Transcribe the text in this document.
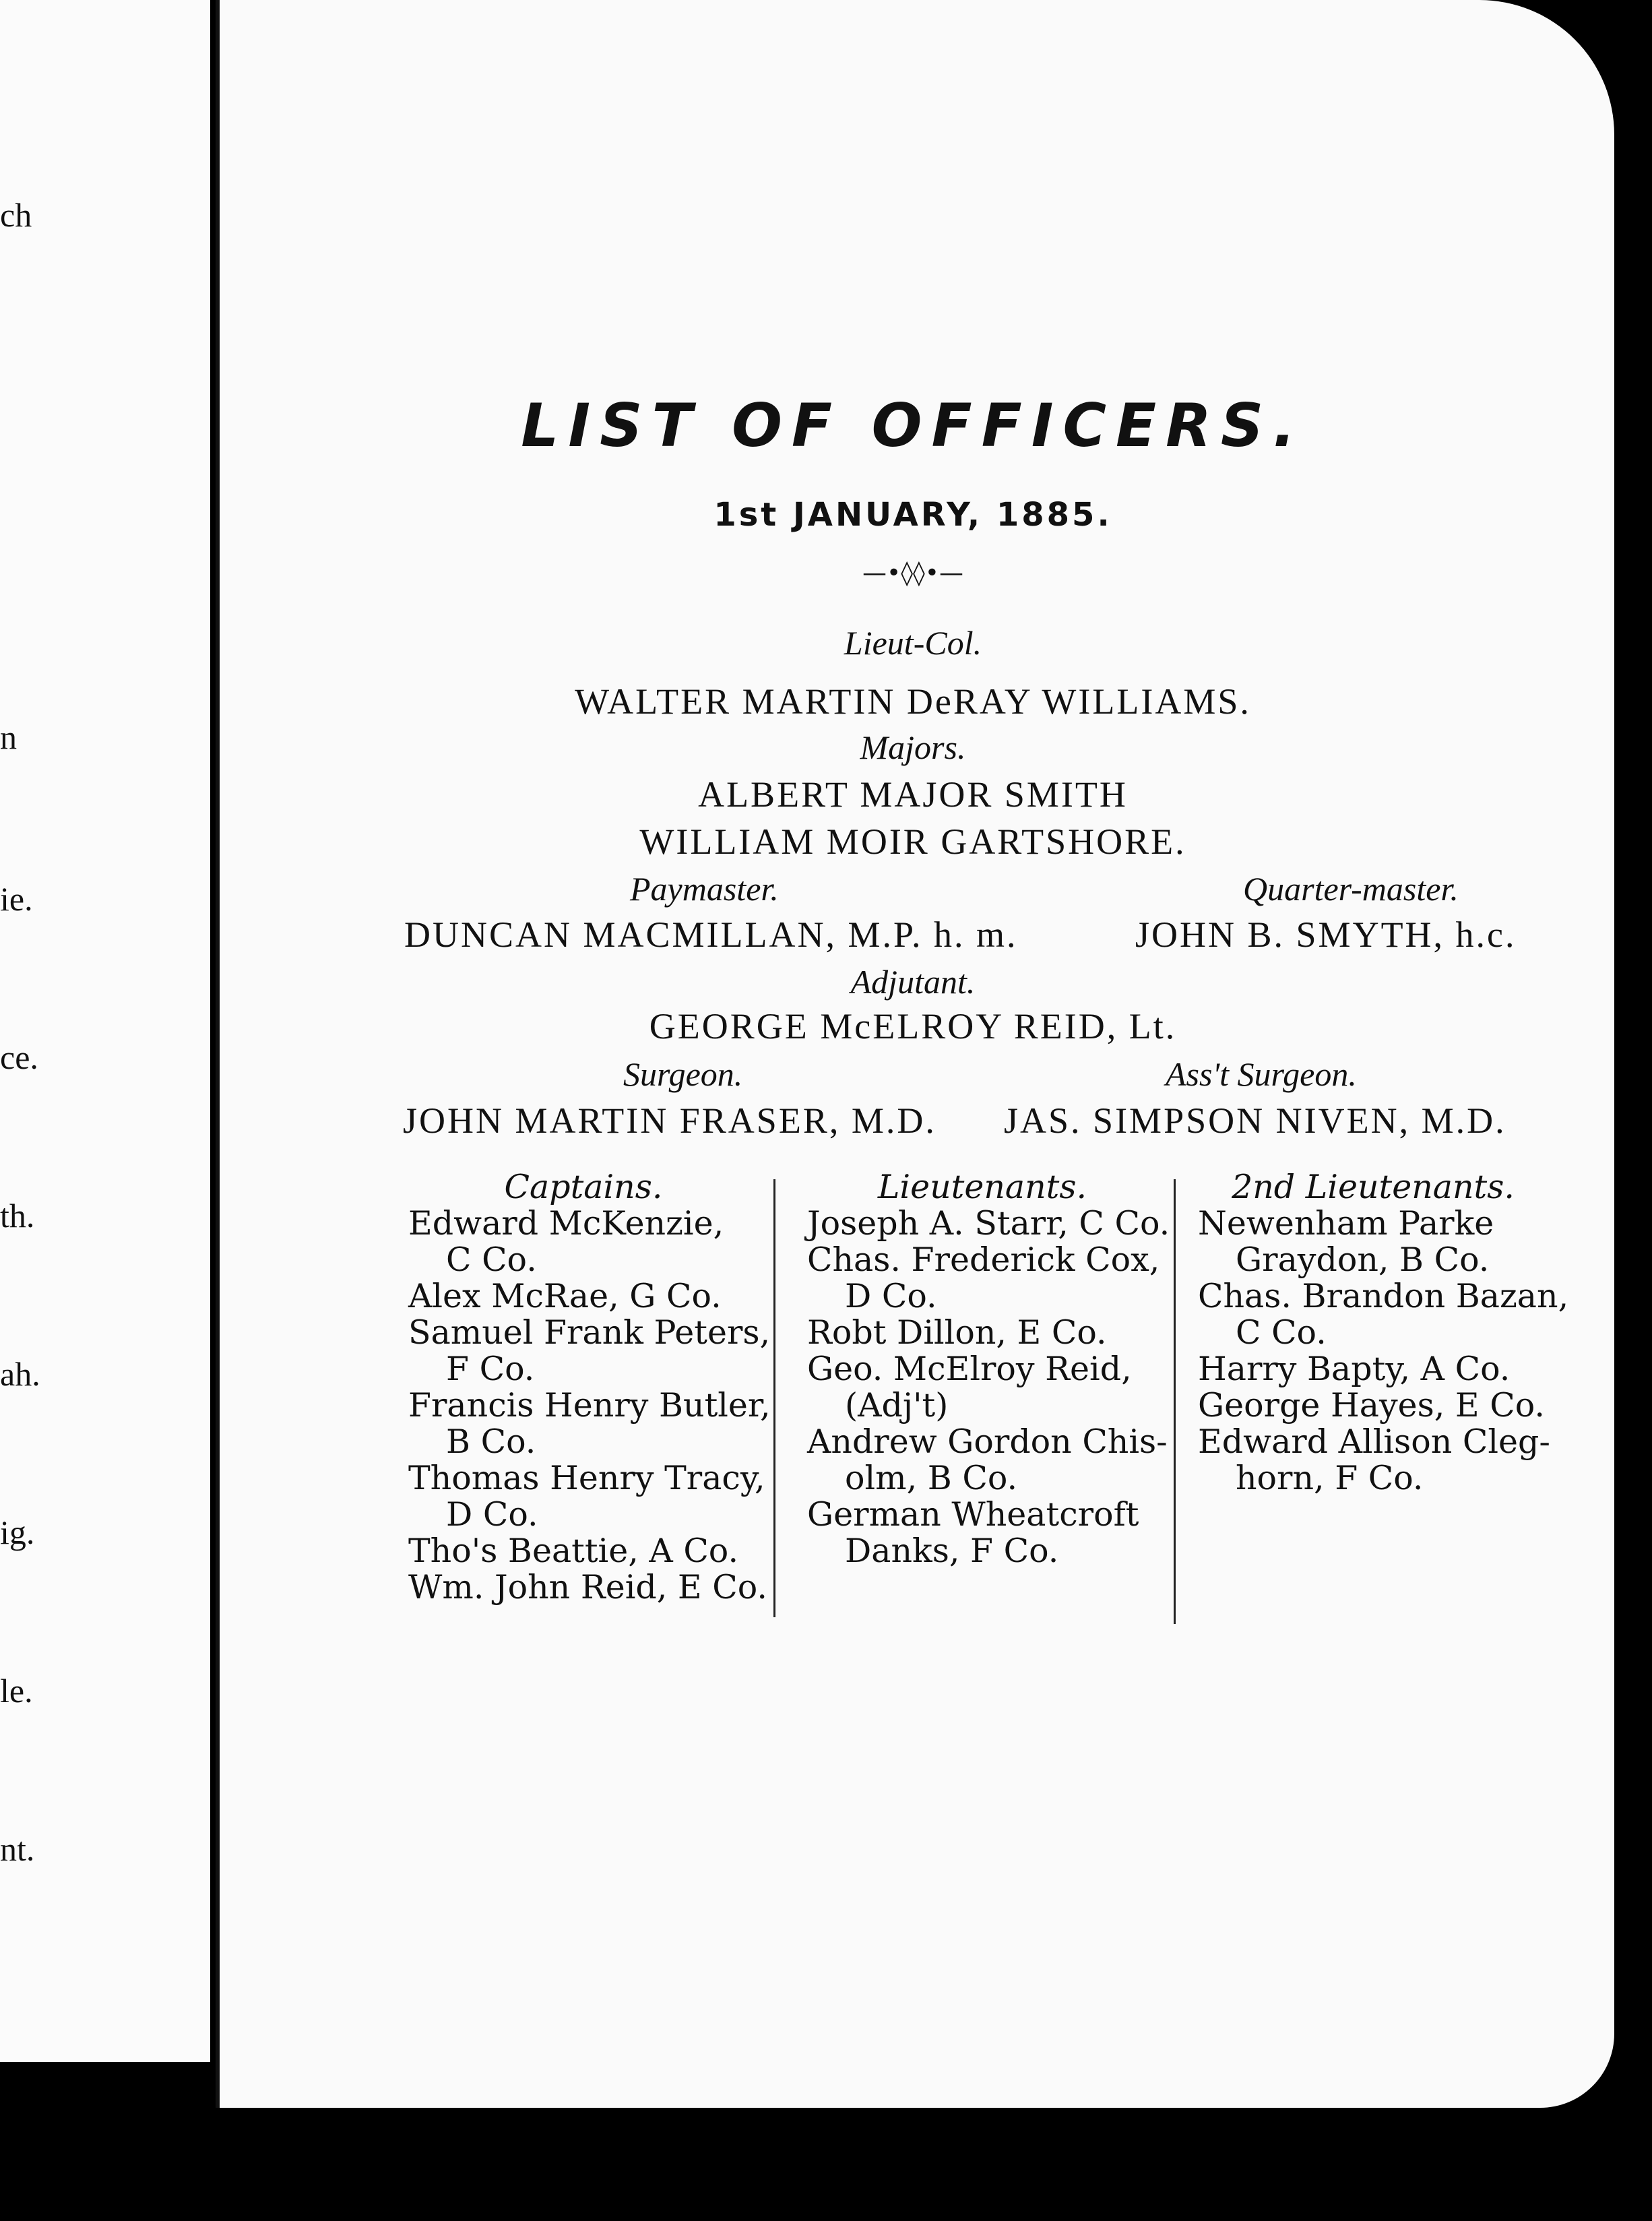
ch
n
ie.
ce.
th.
ah.
ig.
le.
nt.
LIST OF OFFICERS.
1st JANUARY, 1885.
—•◊◊•—
Lieut-Col.
WALTER MARTIN DeRAY WILLIAMS.
Majors.
ALBERT MAJOR SMITH
WILLIAM MOIR GARTSHORE.
Paymaster.	Quarter-master.
DUNCAN MACMILLAN, M.P. h. m.	JOHN B. SMYTH, h.c.
Adjutant.
GEORGE McELROY REID, Lt.
Surgeon.	Ass't Surgeon.
JOHN MARTIN FRASER, M.D. JAS. SIMPSON NIVEN, M.D.
Captains.
Edward McKenzie,
C Co.
Alex McRae, G Co.
Samuel Frank Peters,
F Co.
Francis Henry Butler,
B Co.
Thomas Henry Tracy,
D Co.
Tho's Beattie, A Co.
Wm. John Reid, E Co.
Lieutenants.
Joseph A. Starr, C Co.
Chas. Frederick Cox,
D Co.
Robt Dillon, E Co.
Geo. McElroy Reid,
(Adj't)
Andrew Gordon Chis-
olm, B Co.
German Wheatcroft
Danks, F Co.
2nd Lieutenants.
Newenham Parke
Graydon, B Co.
Chas. Brandon Bazan,
C Co.
Harry Bapty, A Co.
George Hayes, E Co.
Edward Allison Cleg-
horn, F Co.
